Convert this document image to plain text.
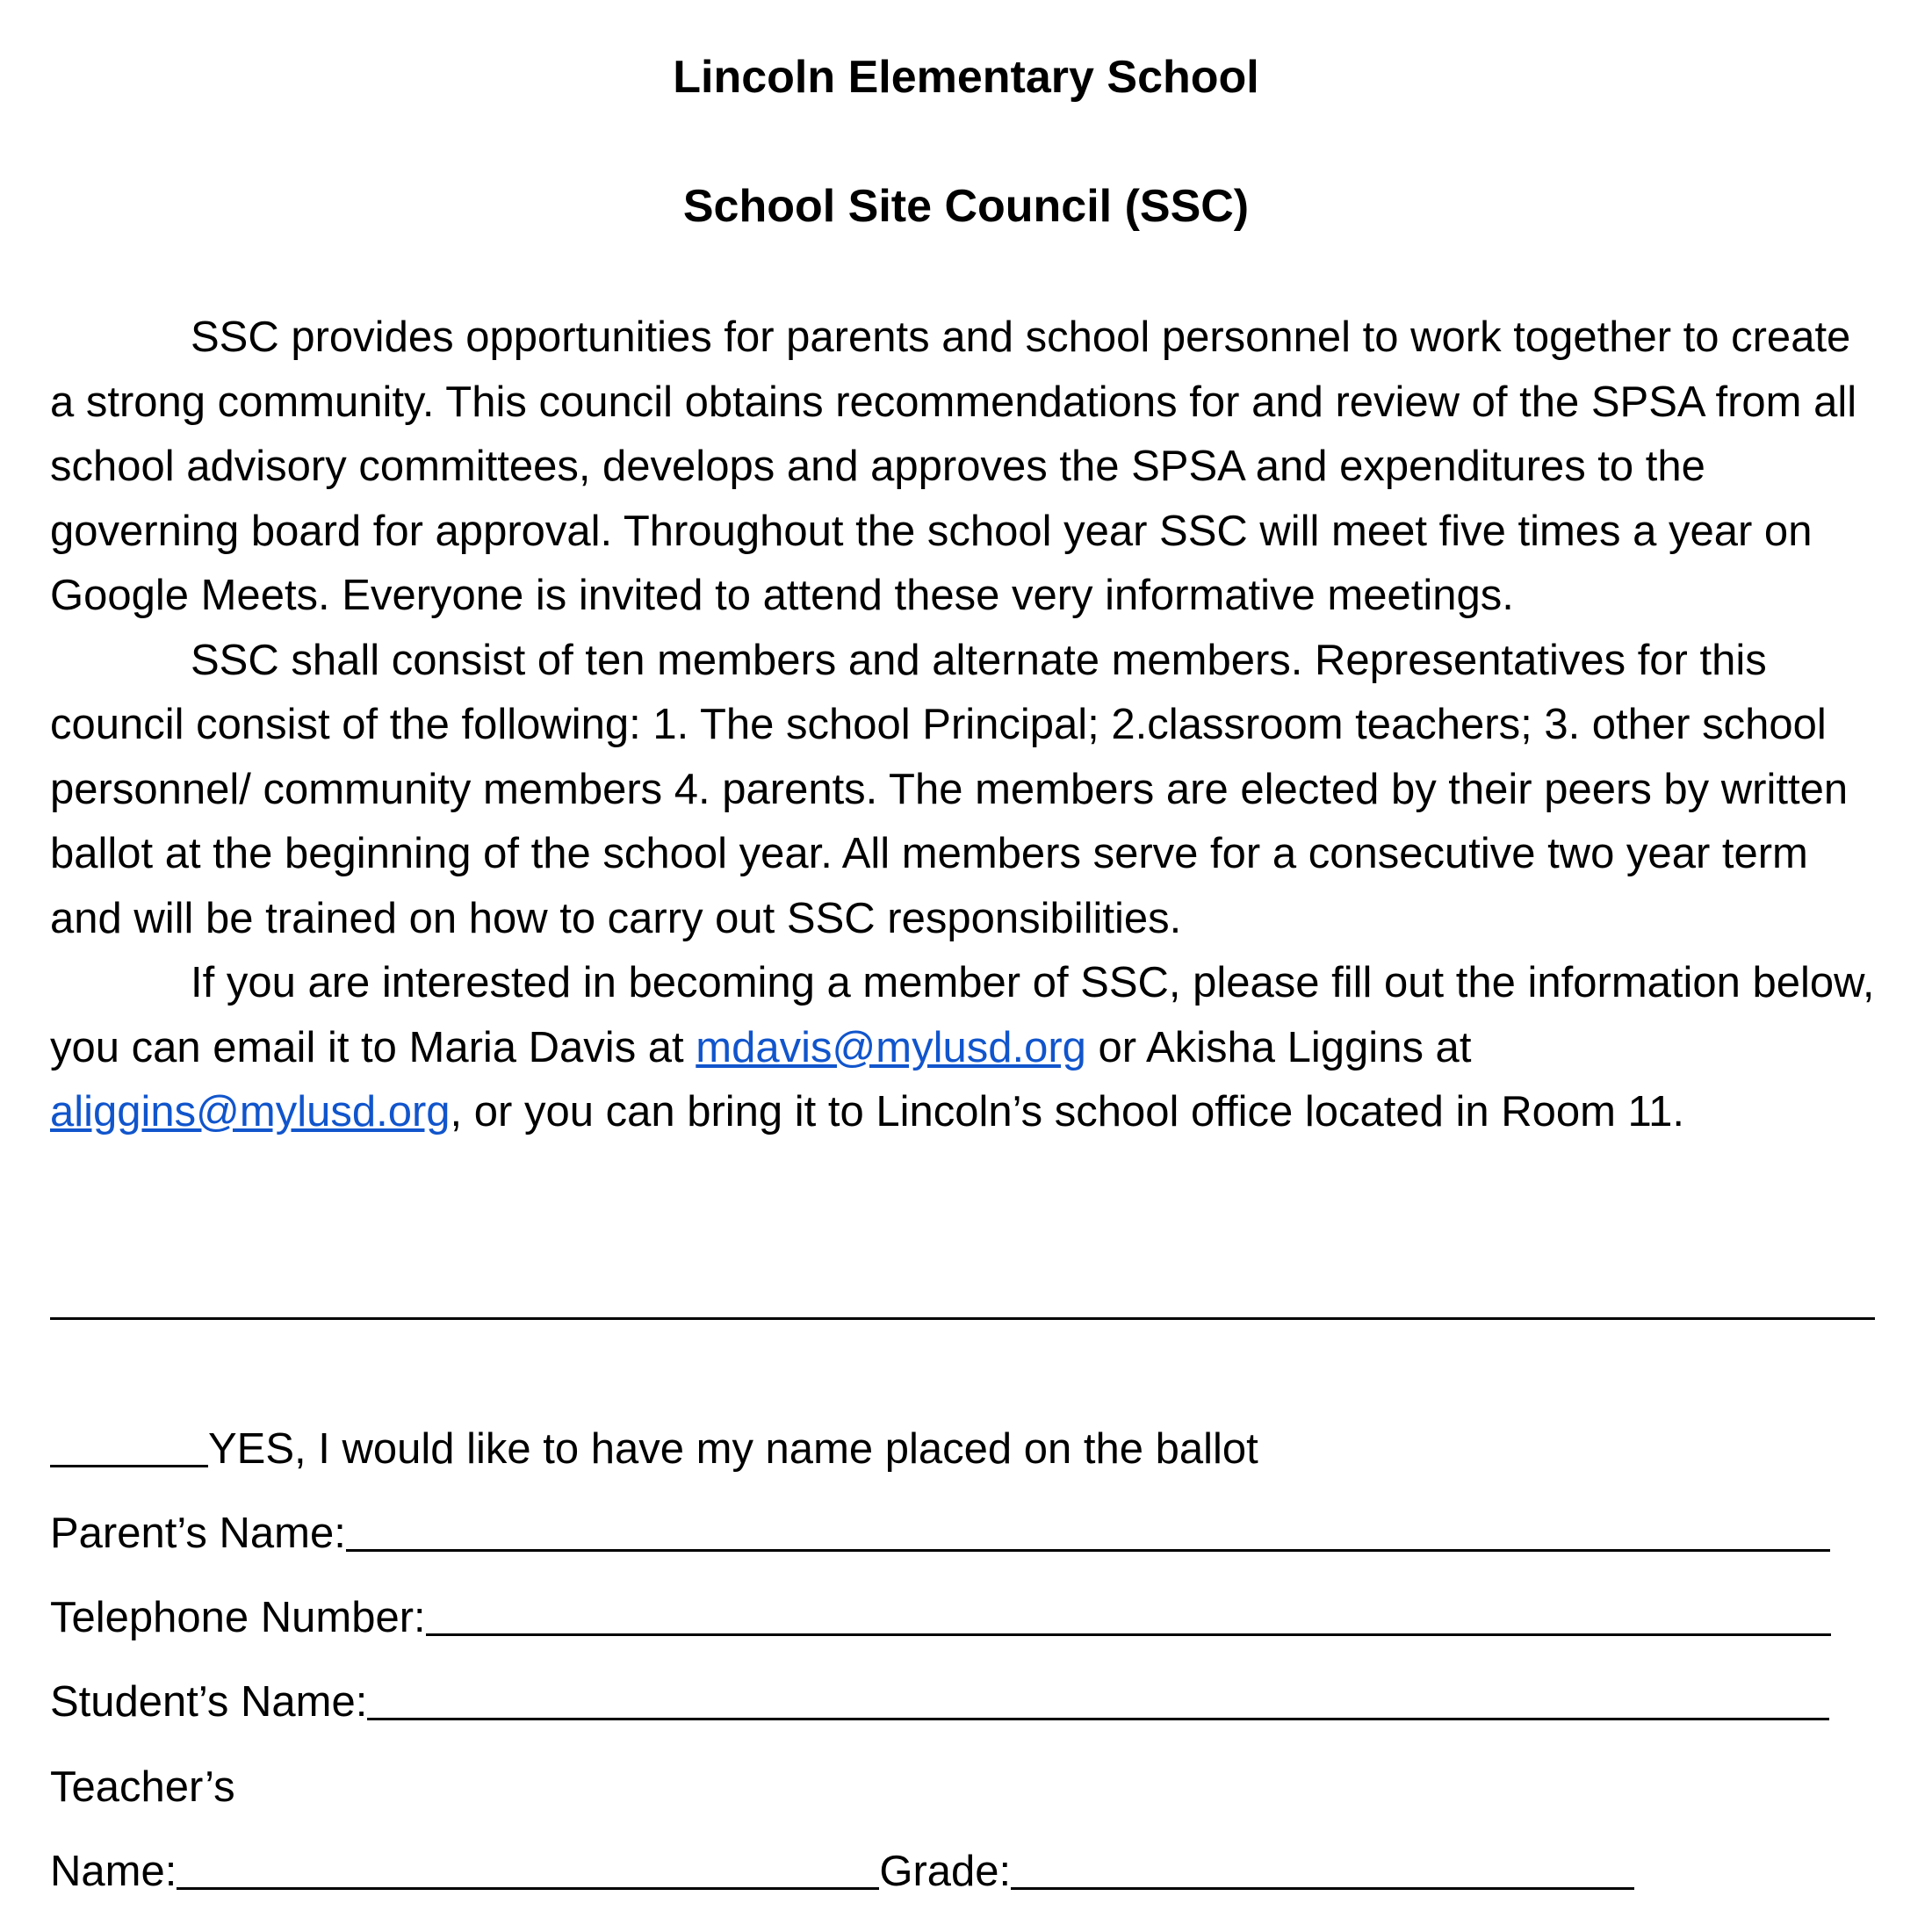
Lincoln Elementary School
School Site Council (SSC)

SSC provides opportunities for parents and school personnel to work together to create a strong community. This council obtains recommendations for and review of the SPSA from all school advisory committees, develops and approves the SPSA and expenditures to the governing board for approval. Throughout the school year SSC will meet five times a year on Google Meets. Everyone is invited to attend these very informative meetings.

SSC shall consist of ten members and alternate members. Representatives for this council consist of the following: 1. The school Principal; 2.classroom teachers; 3. other school personnel/ community members 4. parents. The members are elected by their peers by written ballot at the beginning of the school year. All members serve for a consecutive two year term and will be trained on how to carry out SSC responsibilities.

If you are interested in becoming a member of SSC, please fill out the information below, you can email it to Maria Davis at mdavis@mylusd.org or Akisha Liggins at aliggins@mylusd.org, or you can bring it to Lincoln’s school office located in Room 11.

YES, I would like to have my name placed on the ballot
Parent’s Name:
Telephone Number:
Student’s Name:
Teacher’s
Name:	Grade:
